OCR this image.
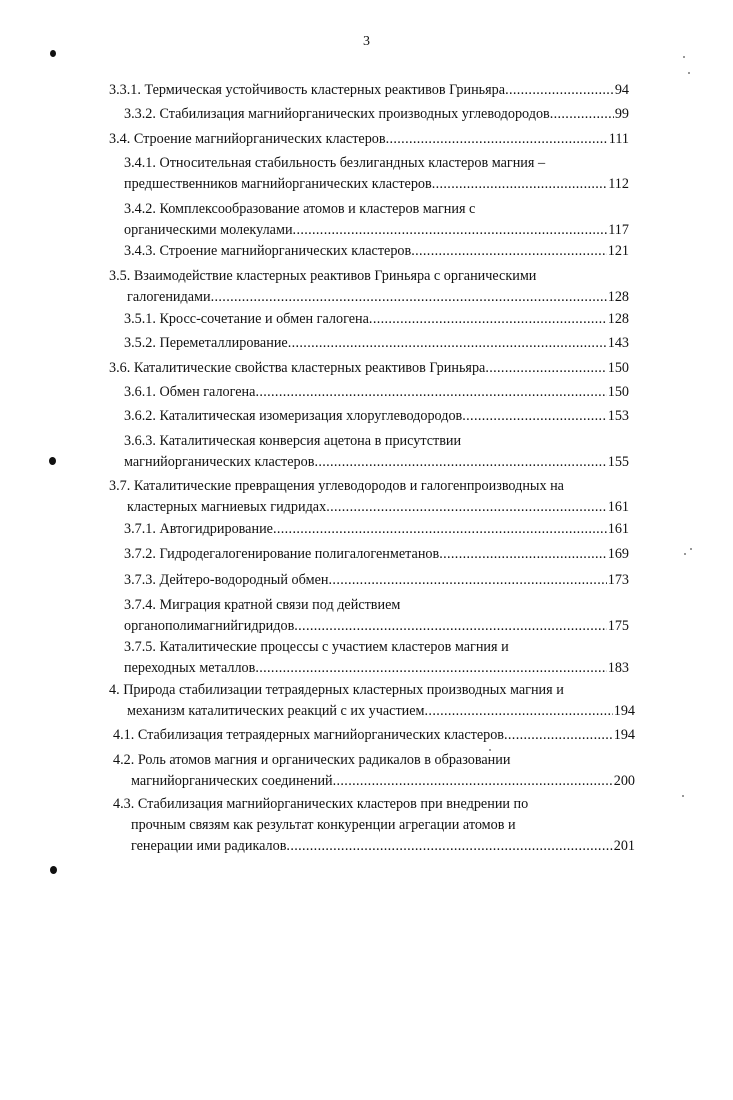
3
3.3.1. Термическая устойчивость кластерных реактивов Гриньяра . . .	94
3.3.2. Стабилизация магнийорганических производных углеводородов . . .	99
3.4. Строение магнийорганических кластеров . . .	111
3.4.1. Относительная стабильность безлигандных кластеров магния –
предшественников магнийорганических кластеров . . .	112
3.4.2. Комплексообразование атомов и кластеров магния с
органическими молекулами . . .	117
3.4.3. Строение магнийорганических кластеров . . .	121
3.5. Взаимодействие кластерных реактивов Гриньяра с органическими
галогенидами . . .	128
3.5.1. Кросс-сочетание и обмен галогена . . .	128
3.5.2. Переметаллирование . . .	143
3.6. Каталитические свойства кластерных реактивов Гриньяра . . .	150
3.6.1. Обмен галогена . . .	150
3.6.2. Каталитическая изомеризация хлоруглеводородов . . .	153
3.6.3. Каталитическая конверсия ацетона в присутствии
магнийорганических кластеров . . .	155
3.7. Каталитические превращения углеводородов и галогенпроизводных на
кластерных магниевых гидридах . . .	161
3.7.1. Автогидрирование . . .	161
3.7.2. Гидродегалогенирование полигалогенметанов . . .	169
3.7.3. Дейтеро-водородный обмен . . .	173
3.7.4. Миграция кратной связи под действием
органополимагнийгидридов . . .	175
3.7.5. Каталитические процессы с участием кластеров магния и
переходных металлов . . .	183
4. Природа стабилизации тетраядерных кластерных производных магния и
механизм каталитических реакций с их участием . . .	194
4.1. Стабилизация тетраядерных магнийорганических кластеров . . .	194
4.2. Роль атомов магния и органических радикалов в образовании
магнийорганических соединений . . .	200
4.3. Стабилизация магнийорганических кластеров при внедрении по
прочным связям как результат конкуренции агрегации атомов и
генерации ими радикалов . . .	201
